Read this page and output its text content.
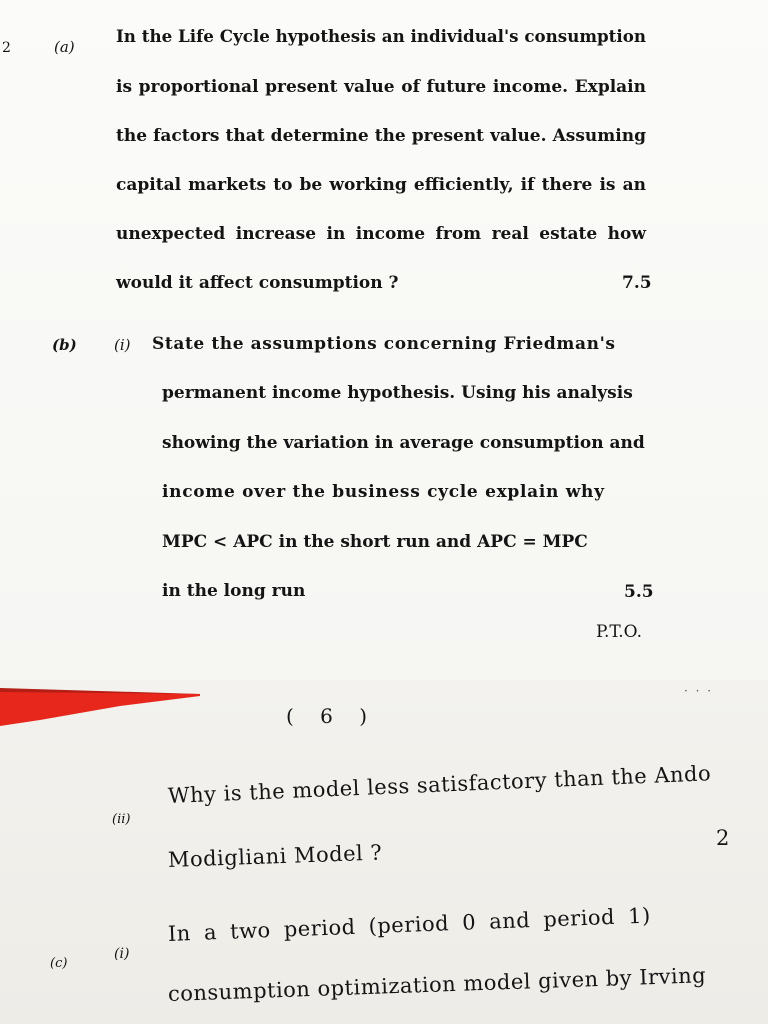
· · ·
2	(a) In the Life Cycle hypothesis an individual's consumption
is proportional present value of future income. Explain
the factors that determine the present value. Assuming
capital markets to be working efficiently, if there is an
unexpected increase in income from real estate how
would it affect consumption ?	7.5
(b) (i) State the assumptions concerning Friedman's
permanent income hypothesis. Using his analysis
showing the variation in average consumption and
income over the business cycle explain why
MPC < APC in the short run and APC = MPC
in the long run	5.5
P.T.O.
( 6 )
(ii)
Why is the model less satisfactory than the Ando
Modigliani Model ?
2
(c)
(i)
In a two period (period 0 and period 1)
consumption optimization model given by Irving
